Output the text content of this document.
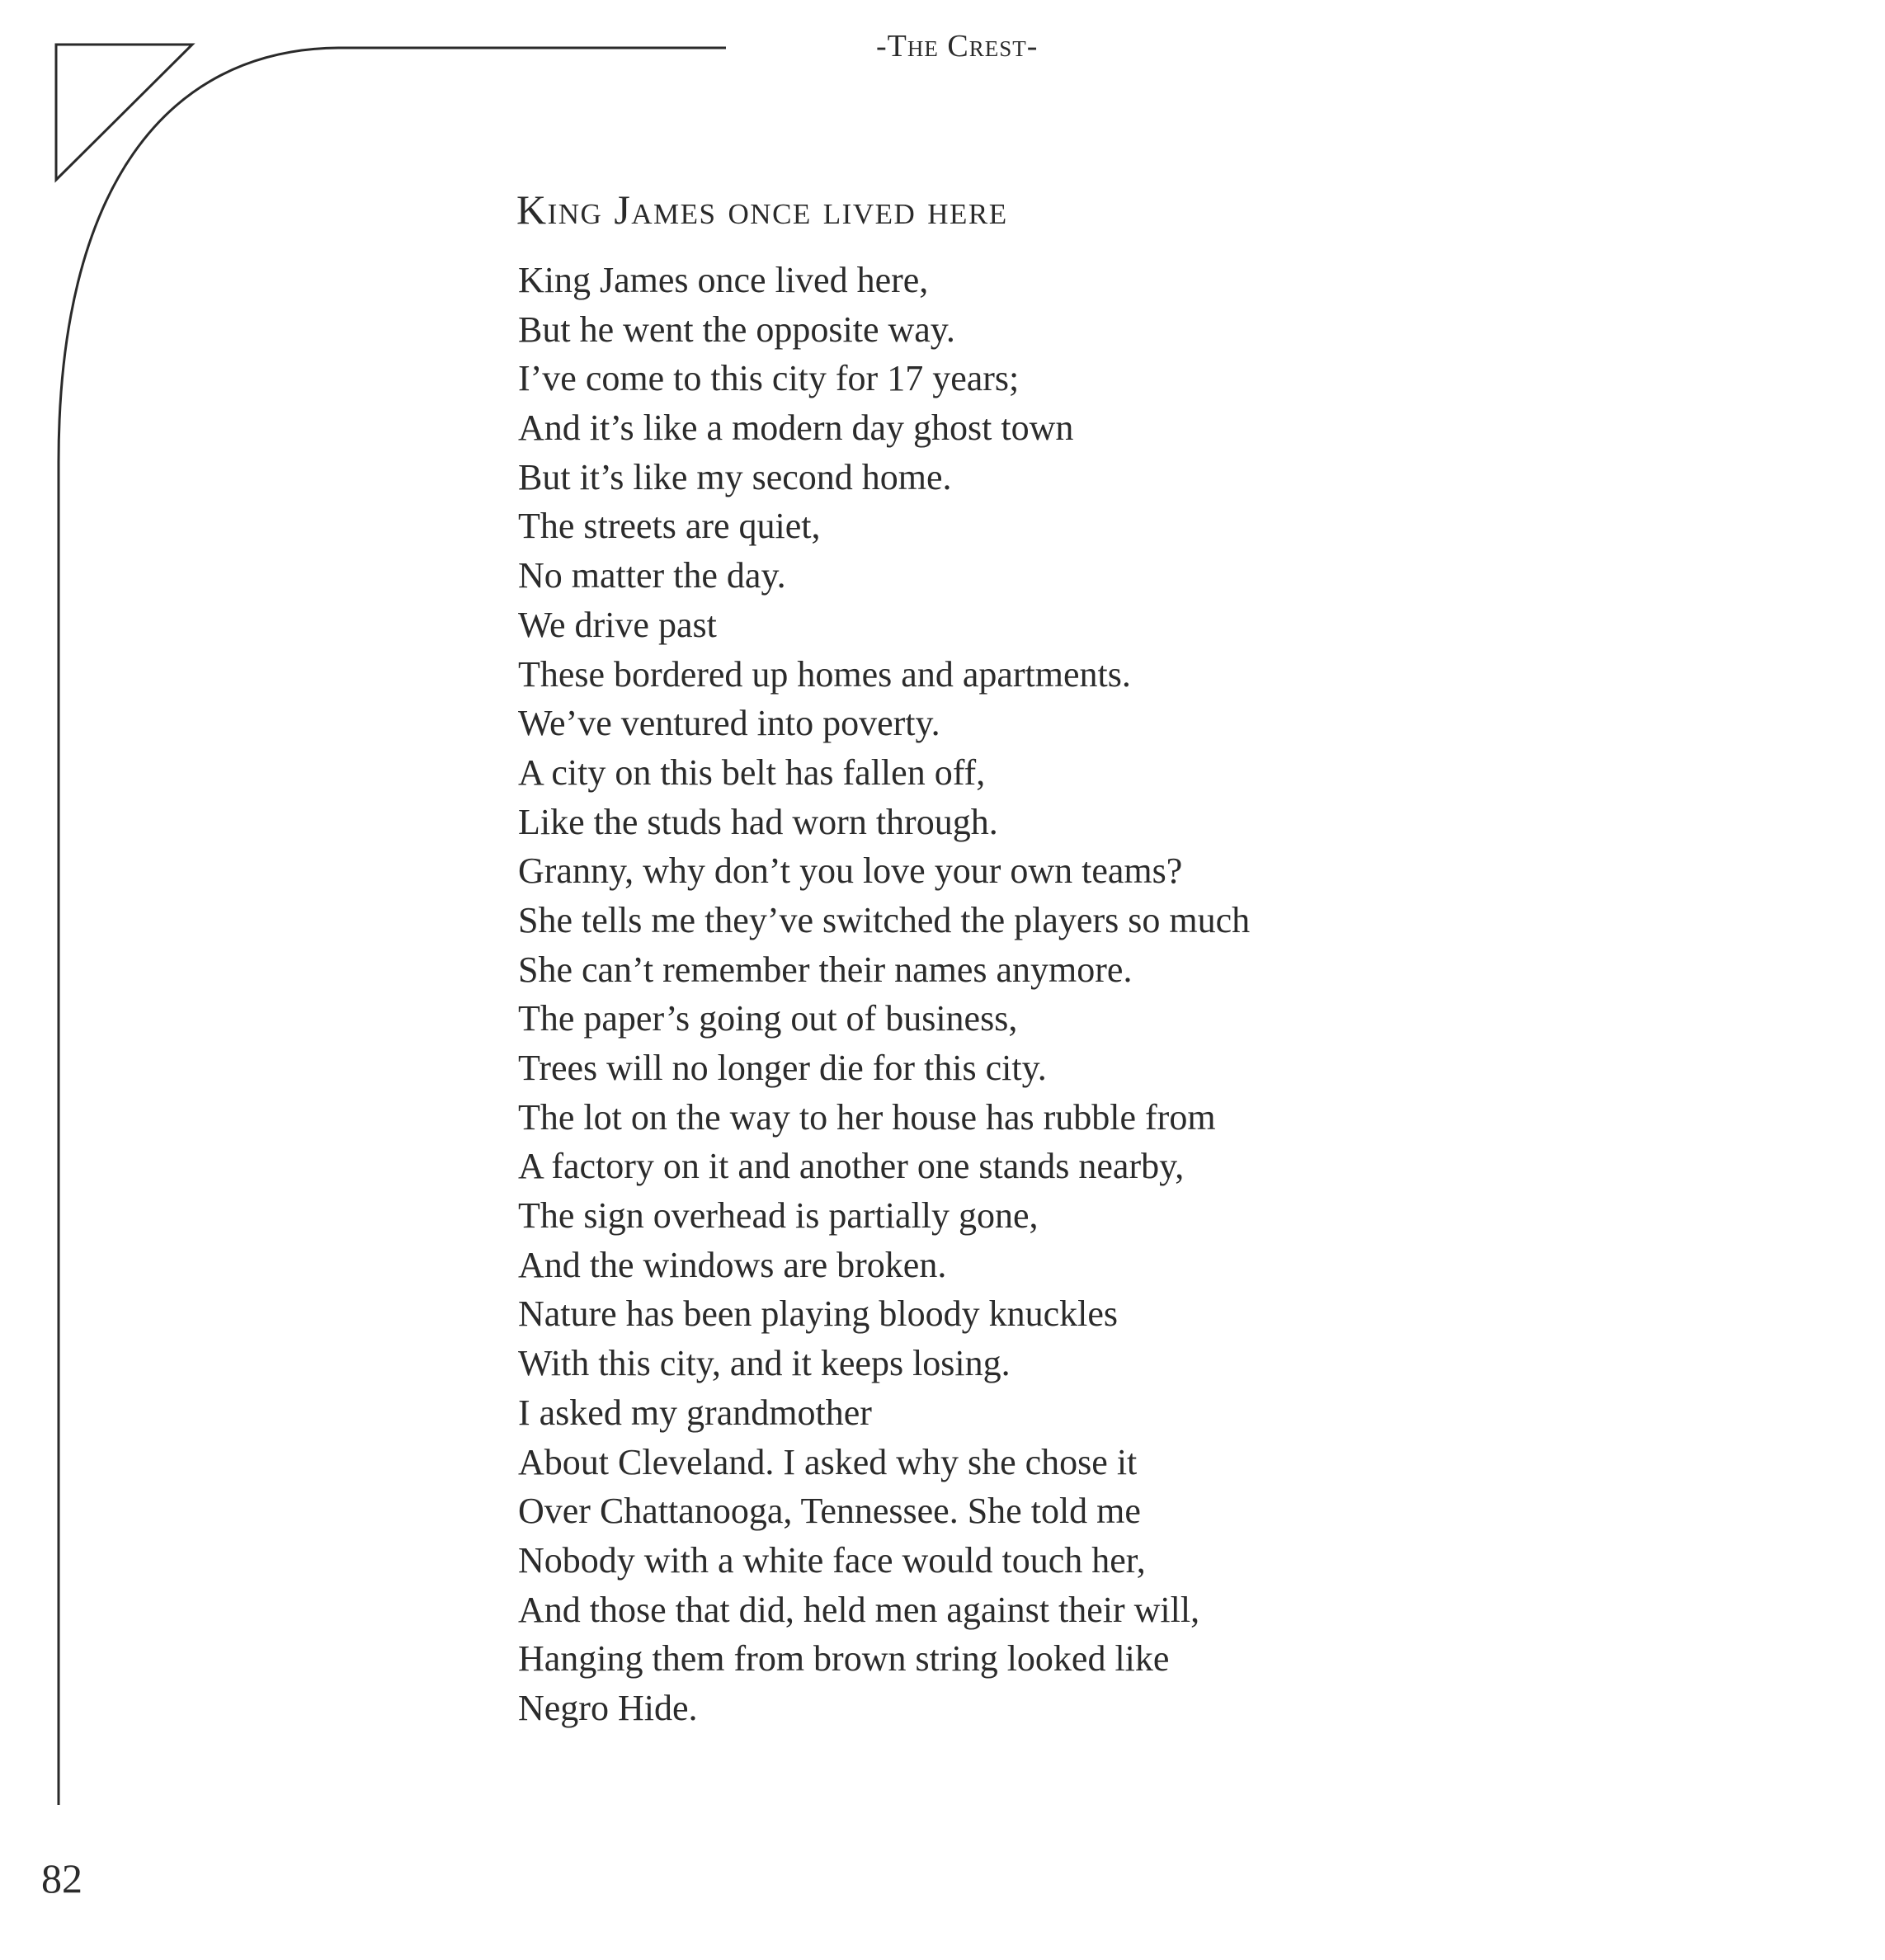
-The Crest-
King James once lived here
King James once lived here,
But he went the opposite way.
I’ve come to this city for 17 years;
And it’s like a modern day ghost town
But it’s like my second home.
The streets are quiet,
No matter the day.
We drive past
These bordered up homes and apartments.
We’ve ventured into poverty.
A city on this belt has fallen off,
Like the studs had worn through.
Granny, why don’t you love your own teams?
She tells me they’ve switched the players so much
She can’t remember their names anymore.
The paper’s going out of business,
Trees will no longer die for this city.
The lot on the way to her house has rubble from
A factory on it and another one stands nearby,
The sign overhead is partially gone,
And the windows are broken.
Nature has been playing bloody knuckles
With this city, and it keeps losing.
I asked my grandmother
About Cleveland. I asked why she chose it
Over Chattanooga, Tennessee. She told me
Nobody with a white face would touch her,
And those that did, held men against their will,
Hanging them from brown string looked like
Negro Hide.
82
